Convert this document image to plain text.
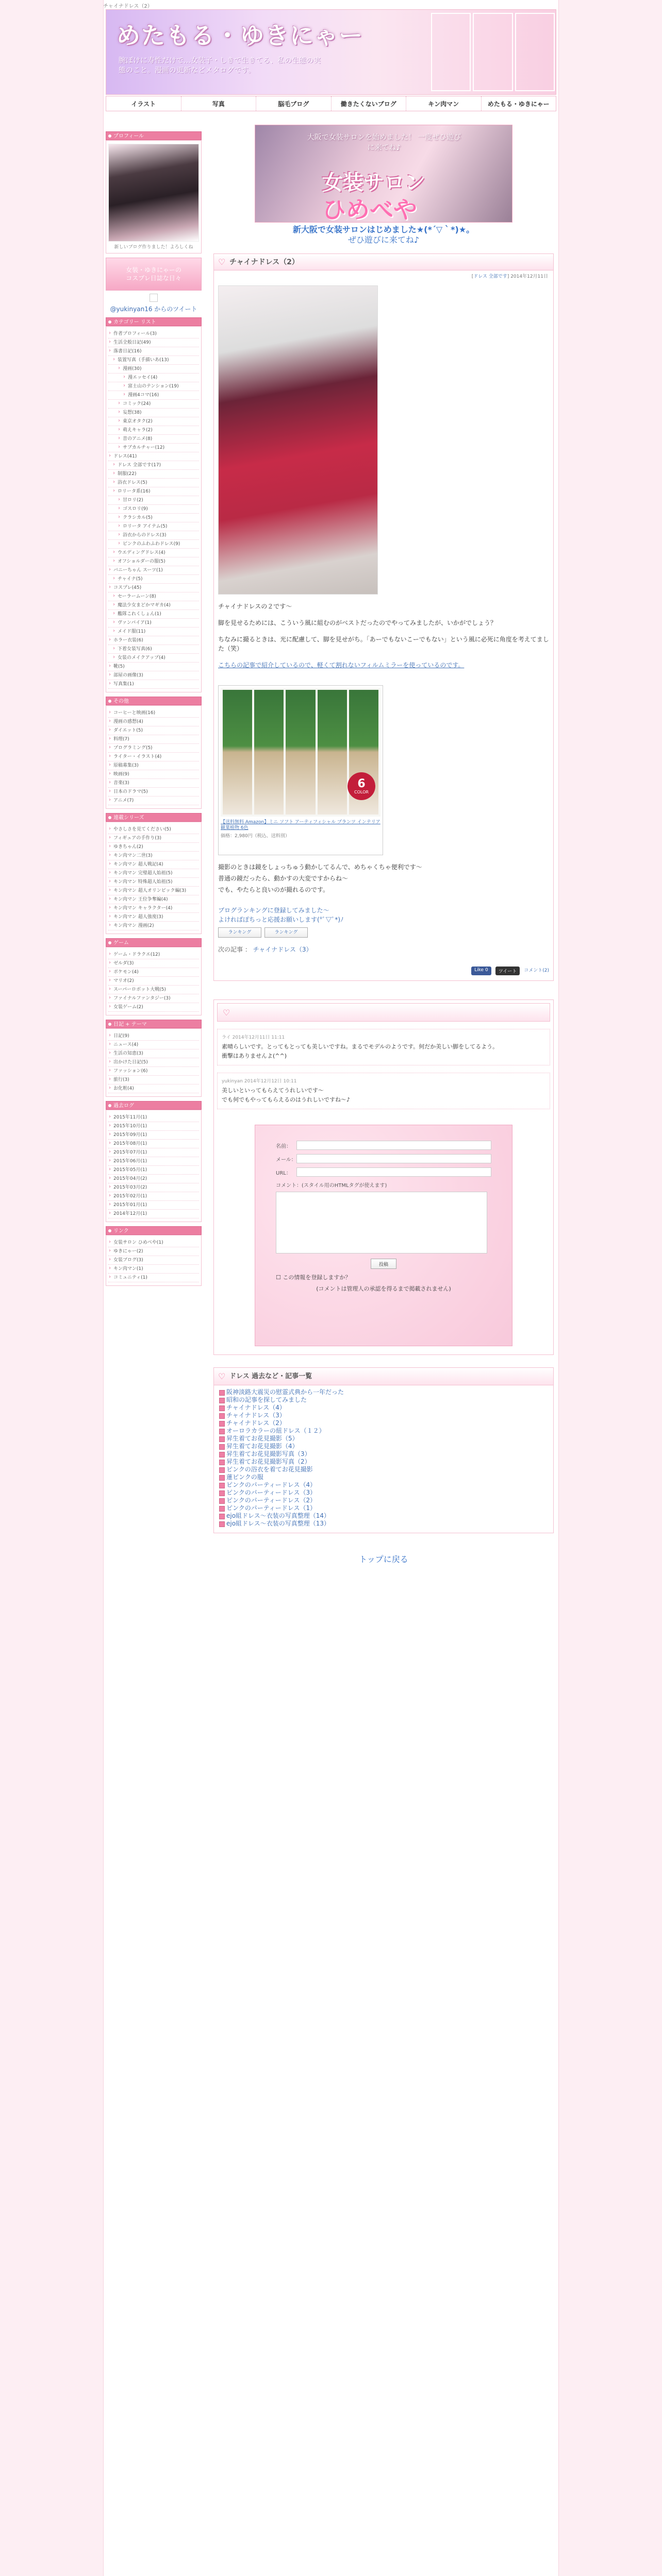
チャイナドレス（2）
めたもる・ゆきにゃー
腕ぽけに寿性だけで…女装子・しきで生きてる、私の生態の実態のこと。漫画の更新などメタログです。
イラスト	写真	脳毛ブログ	働きたくないブログ	キン肉マン	めたもる・ゆきにゃー
プロフィール
新しいブログ作りました！よろしくね
女装・ゆきにゃーの
コスプレ日誌な日々
@yukinyan16 からのツイート
カテゴリー リスト
› 作者プロフィール(3)
› 生活全般日記(49)
› 落書日記(16)
› 装置写真（手描いあ(13)
› 漫画(30)
› 漫エッセイ(4)
› 富士山のテンション(19)
› 漫画4コマ(16)
› コミック(24)
› 妄想(38)
› 東京オタク(2)
› 萌えキャラ(2)
› 昔のアニメ(8)
› サブカルチャー(12)
› ドレス(41)
› ドレス 全部です(17)
› 制服(22)
› 浴衣ドレス(5)
› ロリータ系(16)
› 甘ロリ(2)
› ゴスロリ(9)
› クラシカル(5)
› ロリータ アイテム(5)
› 浴衣からのドレス(3)
› ピンクのふわふわドレス(9)
› ウエディングドレス(4)
› オフショルダーの服(5)
› バニーちゃん スーツ(1)
› チャイナ(5)
› コスプレ(45)
› セーラームーン(8)
› 魔法少女まどかマギカ(4)
› 艦隊これくしょん(1)
› ヴァンパイア(1)
› メイド服(11)
› ホラー衣装(6)
› 下着女装写真(6)
› 女装のメイクアップ(4)
› 靴(5)
› 部屋の画像(3)
› 写真集(1)
その他
› コーヒーと映画(16)
› 漫画の感想(4)
› ダイエット(5)
› 料理(7)
› プログラミング(5)
› ライター・イラスト(4)
› 原稿募集(3)
› 映画(9)
› 音楽(3)
› 日本のドラマ(5)
› アニメ(7)
連載シリーズ
› やさしさを見てください(5)
› フィギュアの手作り(3)
› ゆきちゃん(2)
› キン肉マン二世(3)
› キン肉マン 超人戦記(4)
› キン肉マン 完璧超人始祖(5)
› キン肉マン 特殊超人始祖(5)
› キン肉マン 超人オリンピック編(3)
› キン肉マン 王位争奪編(4)
› キン肉マン キャラクター(4)
› キン肉マン 超人強度(3)
› キン肉マン 漫画(2)
ゲーム
› ゲーム・ドラクエ(12)
› ゼルダ(3)
› ポケモン(4)
› マリオ(2)
› スーパーロボット大戦(5)
› ファイナルファンタジー(3)
› 女装ゲーム(2)
日記 + テーマ
› 日記(9)
› ニュース(4)
› 生活の知恵(3)
› 出かけた日記(5)
› ファッション(6)
› 旅行(3)
› お化粧(4)
過去ログ
› 2015年11月(1)
› 2015年10月(1)
› 2015年09月(1)
› 2015年08月(1)
› 2015年07月(1)
› 2015年06月(1)
› 2015年05月(1)
› 2015年04月(2)
› 2015年03月(2)
› 2015年02月(1)
› 2015年01月(1)
› 2014年12月(1)
リンク
› 女装サロン ひめべや(1)
› ゆきにゃー(2)
› 女装ブログ(3)
› キン肉マン(1)
› コミュニティ(1)
大阪で女装サロンを始めました！ 一度ぜひ遊びに来てね♪
女装サロン
ひめべや
新大阪で女装サロンはじめました★(*´▽｀*)★。
ぜひ遊びに来てね♪
♡ チャイナドレス（2）
[ドレス 全部です] 2014年12月11日

チャイナドレスの２です〜

脚を見せるためには、こういう風に組むのがベストだったのでやってみましたが、いかがでしょう？

ちなみに撮るときは、光に配慮して、脚を見せがち。「あーでもないこーでもない」という風に必死に角度を考えてました（笑）

こちらの記事で紹介しているので、軽くて割れないフィルムミラーを使っているのです。

6
COLOR
【送料無料 Amazon】ミニ ソフト アーティフィシャル プランツ インテリア 観葉植物 6色
価格：2,980円（税込、送料別）

撮影のときは鏡をしょっちゅう動かしてるんで、めちゃくちゃ便利です〜

普通の鏡だったら、動かすの大変ですからね〜

でも、やたらと良いのが撮れるのです。

ブログランキングに登録してみました〜
よければぽちっと応援お願いします(*ﾟ▽ﾟ*)ﾉ

ランキング	ランキング
次の記事 ： チャイナドレス（3）
Like 0	ツイート	コメント(2)
♡
ライ 2014年12月11日 11:11
素晴らしいです。とってもとっても美しいですね。まるでモデルのようです。何だか美しい脚をしてるよう。
衝撃はありませんよ(^^)
yukinyan 2014年12月12日 10:11
美しいといってもらえてうれしいです〜
でも何でもやってもらえるのはうれしいですね〜♪
名前：
メール：
URL：
コメント：(スタイル用のHTMLタグが使えます)
投稿
☐ この情報を登録しますか？
(コメントは管理人の承認を得るまで掲載されません)
♡ ドレス 過去など・記事一覧
阪神淡路大震災の慰霊式典から一年だった
昭和の記事を探してみました
チャイナドレス（4）
チャイナドレス（3）
チャイナドレス（2）
オーロラカラーの紐ドレス（１２）
昇生着てお花見撮影（5）
昇生着てお花見撮影（4）
昇生着てお花見撮影写真（3）
昇生着てお花見撮影写真（2）
ピンクの浴衣を着てお花見撮影
蓮ピンクの服
ピンクのパーティードレス（4）
ピンクのパーティードレス（3）
ピンクのパーティードレス（2）
ピンクのパーティードレス（1）
ejo組ドレス〜衣装の写真整理（14）
ejo組ドレス〜衣装の写真整理（13）
トップに戻る
